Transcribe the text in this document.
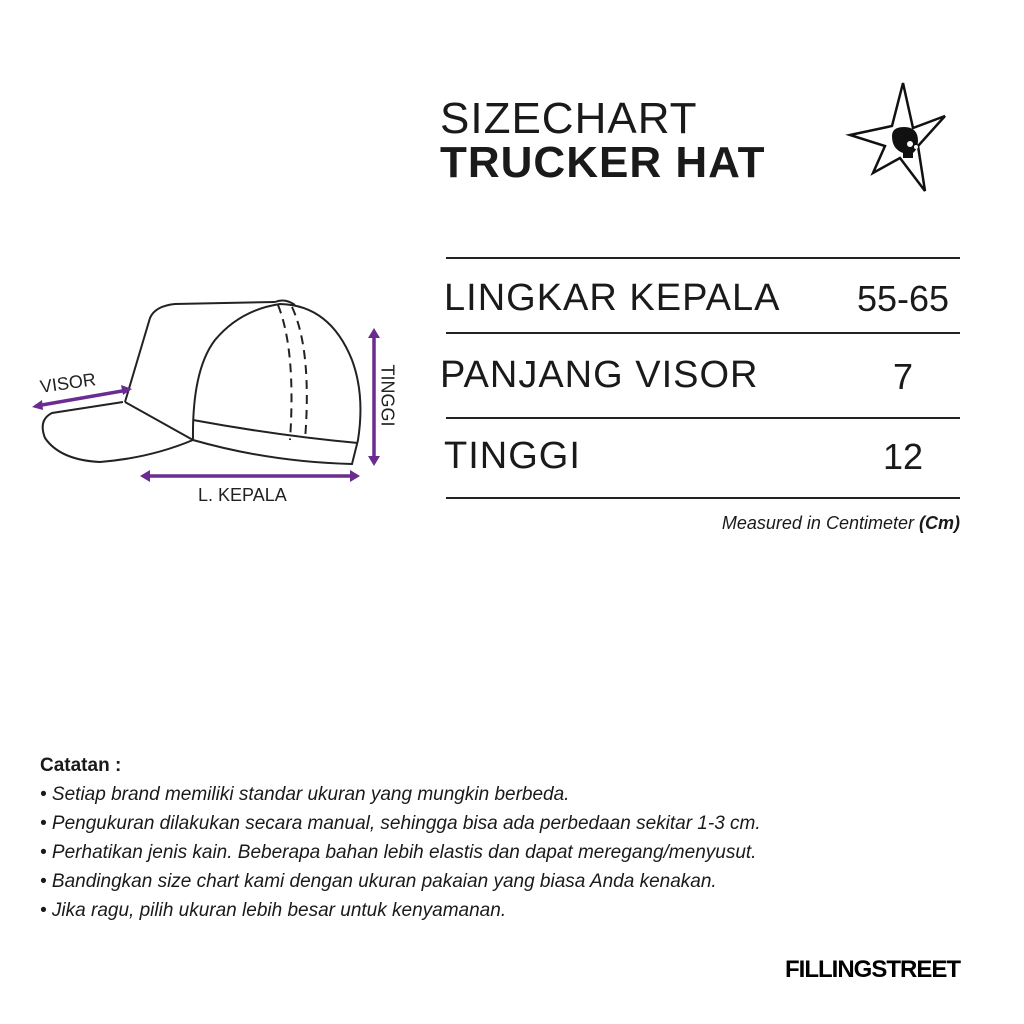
SIZECHART
TRUCKER HAT
VISOR	TINGGI
L. KEPALA
LINGKAR KEPALA 55-65
PANJANG VISOR	7
TINGGI	12
Measured in Centimeter (Cm)
Catatan :
• Setiap brand memiliki standar ukuran yang mungkin berbeda.
• Pengukuran dilakukan secara manual, sehingga bisa ada perbedaan sekitar 1-3 cm.
• Perhatikan jenis kain. Beberapa bahan lebih elastis dan dapat meregang/menyusut.
• Bandingkan size chart kami dengan ukuran pakaian yang biasa Anda kenakan.
• Jika ragu, pilih ukuran lebih besar untuk kenyamanan.
FILLINGSTREET
